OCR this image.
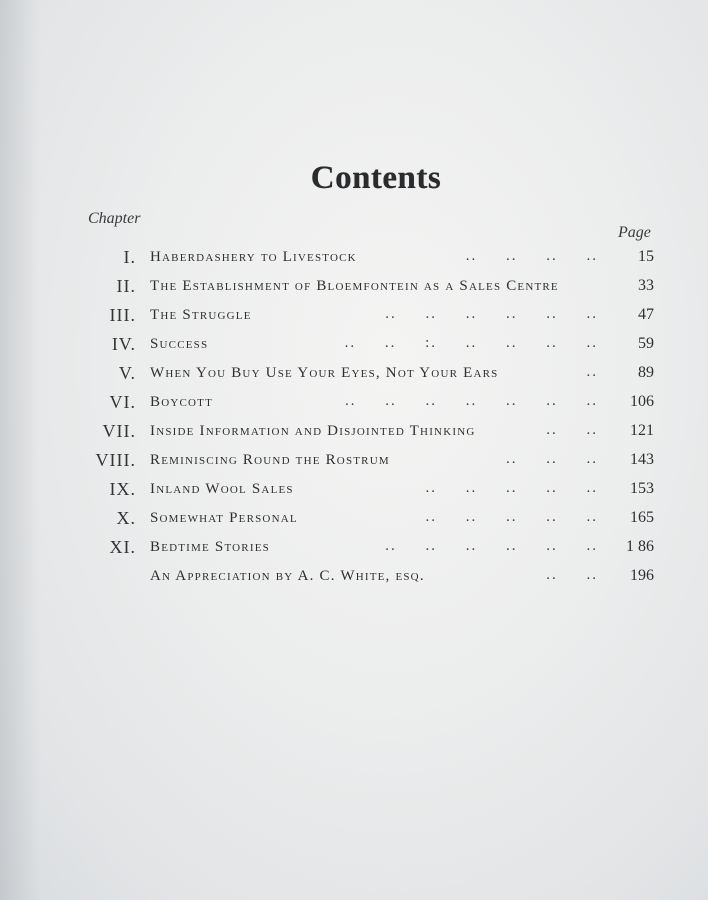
Contents
Chapter
Page
I. Haberdashery to Livestock	..     ..     ..     ..	15
II. The Establishment of Bloemfontein as a Sales Centre	33
III. The Struggle	..     ..     ..     ..     ..     ..	47
IV. Success	..     ..     :.     ..     ..     ..     ..	59
V. When You Buy Use Your Eyes, Not Your Ears	..	89
VI. Boycott	..     ..     ..     ..     ..     ..     ..	106
VII. Inside Information and Disjointed Thinking	..     ..	121
VIII. Reminiscing Round the Rostrum	..     ..     ..	143
IX. Inland Wool Sales	..     ..     ..     ..     ..	153
X. Somewhat Personal	..     ..     ..     ..     ..	165
XI. Bedtime Stories	..     ..     ..     ..     ..     .. 1 86
An Appreciation by A. C. White, esq.	..     ..	196
